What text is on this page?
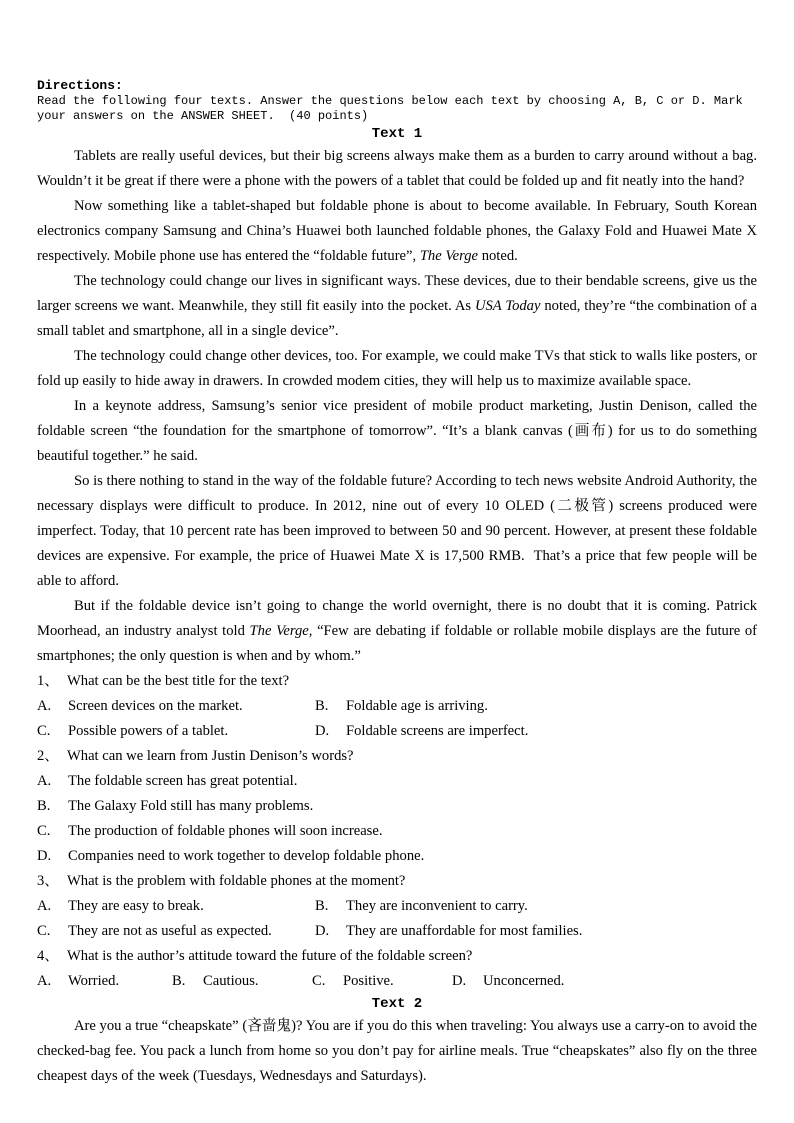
Directions:
Read the following four texts. Answer the questions below each text by choosing A, B, C or D. Mark
your answers on the ANSWER SHEET.  (40 points)
Text 1

Tablets are really useful devices, but their big screens always make them as a burden to carry around without a bag. Wouldn’t it be great if there were a phone with the powers of a tablet that could be folded up and fit neatly into the hand?

Now something like a tablet-shaped but foldable phone is about to become available. In February, South Korean electronics company Samsung and China’s Huawei both launched foldable phones, the Galaxy Fold and Huawei Mate X respectively. Mobile phone use has entered the “foldable future”, The Verge noted.

The technology could change our lives in significant ways. These devices, due to their bendable screens, give us the larger screens we want. Meanwhile, they still fit easily into the pocket. As USA Today noted, they’re “the combination of a small tablet and smartphone, all in a single device”.

The technology could change other devices, too. For example, we could make TVs that stick to walls like posters, or fold up easily to hide away in drawers. In crowded modem cities, they will help us to maximize available space.

In a keynote address, Samsung’s senior vice president of mobile product marketing, Justin Denison, called the foldable screen “the foundation for the smartphone of tomorrow”. “It’s a blank canvas (画布) for us to do something beautiful together.” he said.

So is there nothing to stand in the way of the foldable future? According to tech news website Android Authority, the necessary displays were difficult to produce. In 2012, nine out of every 10 OLED (二极管) screens produced were imperfect. Today, that 10 percent rate has been improved to between 50 and 90 percent. However, at present these foldable devices are expensive. For example, the price of Huawei Mate X is 17,500 RMB.  That’s a price that few people will be able to afford.

But if the foldable device isn’t going to change the world overnight, there is no doubt that it is coming. Patrick Moorhead, an industry analyst told The Verge, “Few are debating if foldable or rollable mobile displays are the future of smartphones; the only question is when and by whom.”

1、 What can be the best title for the text?
A.	Screen devices on the market.	B.	Foldable age is arriving.
C.	Possible powers of a tablet.	D.	Foldable screens are imperfect.
2、 What can we learn from Justin Denison’s words?
A.	The foldable screen has great potential.
B.	The Galaxy Fold still has many problems.
C.	The production of foldable phones will soon increase.
D.	Companies need to work together to develop foldable phone.
3、 What is the problem with foldable phones at the moment?
A.	They are easy to break.	B.	They are inconvenient to carry.
C.	They are not as useful as expected.	D.	They are unaffordable for most families.
4、 What is the author’s attitude toward the future of the foldable screen?
A.	Worried.	B.	Cautious.	C.	Positive.	D.	Unconcerned.
Text 2

Are you a true “cheapskate” (吝啬鬼)? You are if you do this when traveling: You always use a carry-on to avoid the checked-bag fee. You pack a lunch from home so you don’t pay for airline meals. True “cheapskates” also fly on the three cheapest days of the week (Tuesdays, Wednesdays and Saturdays).
